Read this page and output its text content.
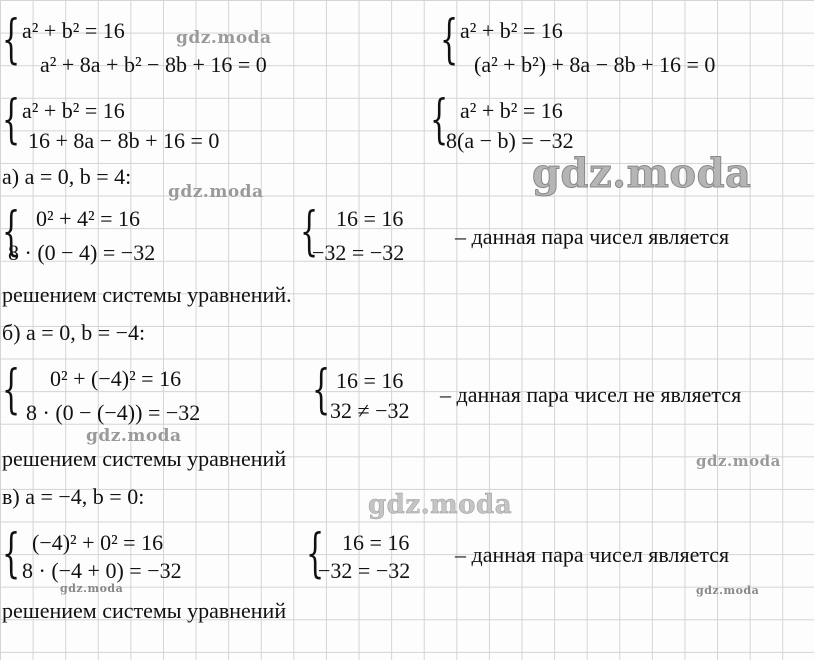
{ a² + b² = 16
a² + 8a + b² − 8b + 16 = 0	{ a² + b² = 16
(a² + b²) + 8a − 8b + 16 = 0
{ a² + b² = 16
16 + 8a − 8b + 16 = 0	{ a² + b² = 16
8(a − b) = −32
а) a = 0, b = 4:
{ 0² + 4² = 16
8 · (0 − 4) = −32	{ 16 = 16
−32 = −32
– данная пара чисел является
решением системы уравнений.
б) a = 0, b = −4:
{ 0² + (−4)² = 16
8 · (0 − (−4)) = −32 { 16 = 16
32 ≠ −32
– данная пара чисел не является
решением системы уравнений
в) a = −4, b = 0:
{ (−4)² + 0² = 16
8 · (−4 + 0) = −32 { 16 = 16
−32 = −32
– данная пара чисел является
решением системы уравнений
gdz.moda
gdz.moda
gdz.moda
gdz.moda
gdz.moda
gdz.moda
gdz.moda	gdz.moda
